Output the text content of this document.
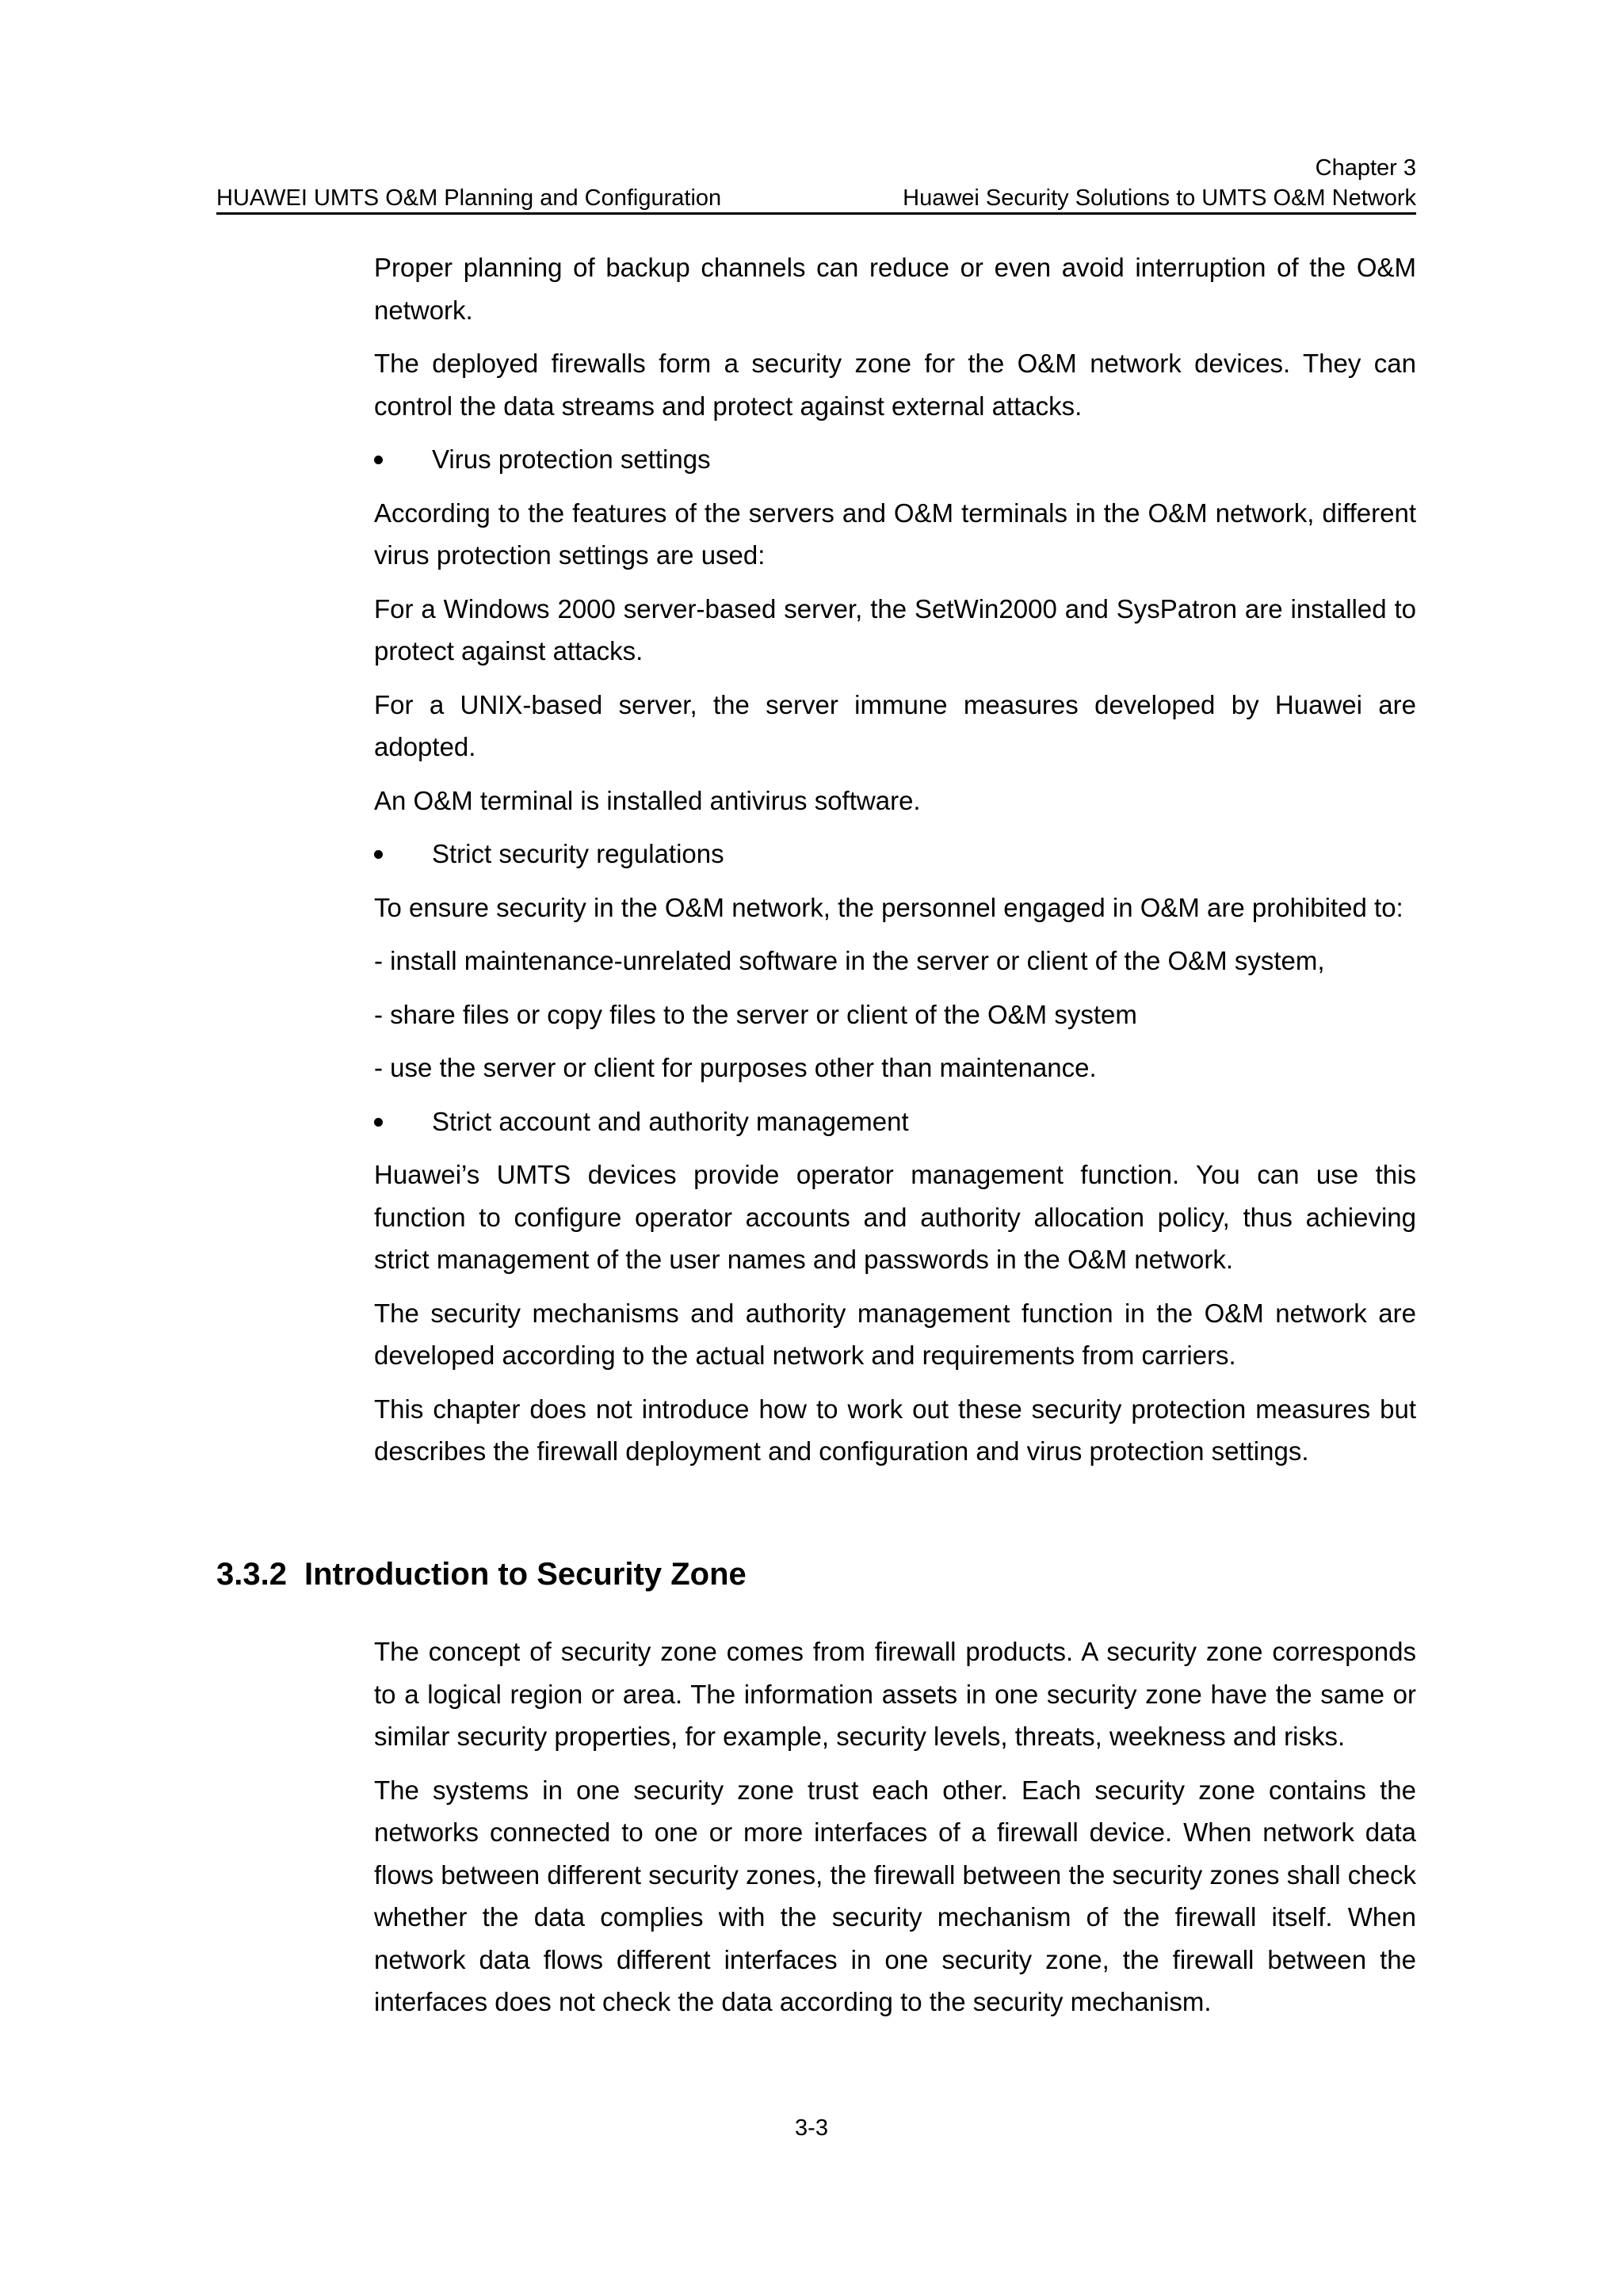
Chapter 3
HUAWEI UMTS O&M Planning and Configuration	Huawei Security Solutions to UMTS O&M Network

Proper planning of backup channels can reduce or even avoid interruption of the O&M network.

The deployed firewalls form a security zone for the O&M network devices. They can control the data streams and protect against external attacks.

Virus protection settings

According to the features of the servers and O&M terminals in the O&M network, different virus protection settings are used:

For a Windows 2000 server-based server, the SetWin2000 and SysPatron are installed to protect against attacks.

For a UNIX-based server, the server immune measures developed by Huawei are adopted.

An O&M terminal is installed antivirus software.

Strict security regulations

To ensure security in the O&M network, the personnel engaged in O&M are prohibited to:

- install maintenance-unrelated software in the server or client of the O&M system,
- share files or copy files to the server or client of the O&M system
- use the server or client for purposes other than maintenance.
Strict account and authority management

Huawei’s UMTS devices provide operator management function. You can use this function to configure operator accounts and authority allocation policy, thus achieving strict management of the user names and passwords in the O&M network.

The security mechanisms and authority management function in the O&M network are developed according to the actual network and requirements from carriers.

This chapter does not introduce how to work out these security protection measures but describes the firewall deployment and configuration and virus protection settings.

3.3.2 Introduction to Security Zone

The concept of security zone comes from firewall products. A security zone corresponds to a logical region or area. The information assets in one security zone have the same or similar security properties, for example, security levels, threats, weekness and risks.

The systems in one security zone trust each other. Each security zone contains the networks connected to one or more interfaces of a firewall device. When network data flows between different security zones, the firewall between the security zones shall check whether the data complies with the security mechanism of the firewall itself. When network data flows different interfaces in one security zone, the firewall between the interfaces does not check the data according to the security mechanism.

3-3
